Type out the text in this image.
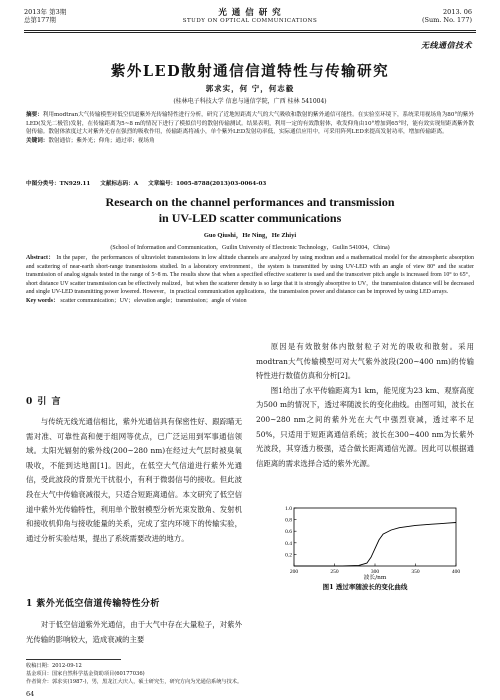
2013年 第3期
总第177期
光 通 信 研 究
STUDY ON OPTICAL COMMUNICATIONS
2013. 06
(Sum. No. 177)
无线通信技术
紫外LED散射通信信道特性与传输研究
郭求实，何 宁，何志毅
(桂林电子科技大学 信息与通信学院，广西 桂林 541004)
摘要：利用modtran大气传输模型对低空信道紫外光传输特性进行分析，研究了近地短距离大气的大气吸收和散射的紫外通信可能性。在实验室环境下，系统采用视场角为80°的紫外LED(发光二极管)发射，在传输距离为5~8 m的情况下进行了模拟信号的散射传输测试。结果表明，利用一定的有效散射体，收发仰角由10°增加到65°时，能有效实现短距离紫外散射传输。散射体浓度过大对紫外光存在强烈的吸收作用，传输距离将减小，单个紫外LED发射功率低，实际通信应用中，可采用阵列LED来提高发射功率，增加传输距离。
关键词：散射通信；紫外光；仰角；通过率；视场角
中图分类号：TN929.11 文献标志码：A 文章编号：1005-8788(2013)03-0064-03
Research on the channel performances and transmission
in UV-LED scatter communications
Guo Qiushi，He Ning，He Zhiyi
(School of Information and Communication，Guilin University of Electronic Technology，Guilin 541004，China)
Abstract： In the paper，the performances of ultraviolet transmissions in low altitude channels are analyzed by using modtran and a mathematical model for the atmospheric absorption and scattering of near-earth short-range transmissions studied. In a laboratory environment，the system is transmitted by using UV-LED with an angle of view 80° and the scatter transmission of analog signals tested in the range of 5~8 m. The results show that when a specified effective scatterer is used and the transceiver pitch angle is increased from 10° to 65°，short distance UV scatter transmission can be effectively realized，but when the scatterer density is so large that it is strongly absorptive to UV，the transmission distance will be decreased and single UV-LED transmitting power lowered. However，in practical communication applications，the transmission power and distance can be improved by using LED arrays.
Key words： scatter communication；UV；elevation angle；transmission；angle of vision
0 引 言

与传统无线光通信相比，紫外光通信具有保密性好、跟踪瞄无需对准、可靠性高和便于组网等优点，已广泛运用到军事通信领域。太阳光辐射的紫外线(200~280 nm)在经过大气层时被臭氧吸收，不能到达地面[1]。因此，在低空大气信道进行紫外光通信，受此波段的背景光干扰很小，有利于微弱信号的接收。但此波段在大气中传输衰减很大，只适合短距离通信。本文研究了低空信道中紫外光传输特性，利用单个散射模型分析光束发散角、发射机和接收机仰角与接收能量的关系，完成了室内环境下的传输实验，通过分析实验结果，提出了系统需要改进的地方。

1 紫外光低空信道传输特性分析

对于低空信道紫外光通信，由于大气中存在大量粒子，对紫外光传输的影响较大，造成衰减的主要

原因是有效散射体内散射粒子对光的吸收和散射。采用modtran大气传输模型可对大气紫外波段(200~400 nm)的传输特性进行数值仿真和分析[2]。

图1给出了水平传输距离为1 km，能见度为23 km、观察高度为500 m的情况下，透过率随波长的变化曲线。由图可知，波长在200~280 nm之间的紫外光在大气中强烈衰减，透过率不足50%，只适用于短距离通信系统；波长在300~400 nm为长紫外光波段，其穿透力极强，适合做长距离通信光源。因此可以根据通信距离的需求选择合适的紫外光源。

200	250	300	350	400
0.2
0.4
0.6
0.8
1.0
波长/nm
图1 透过率随波长的变化曲线
收稿日期：2012-09-12
基金项目：国家自然科学基金资助项目(60177036)
作者简介：郭求实(1987-)，男，黑龙江大庆人，硕士研究生，研究方向为光通信系统与技术。
64
